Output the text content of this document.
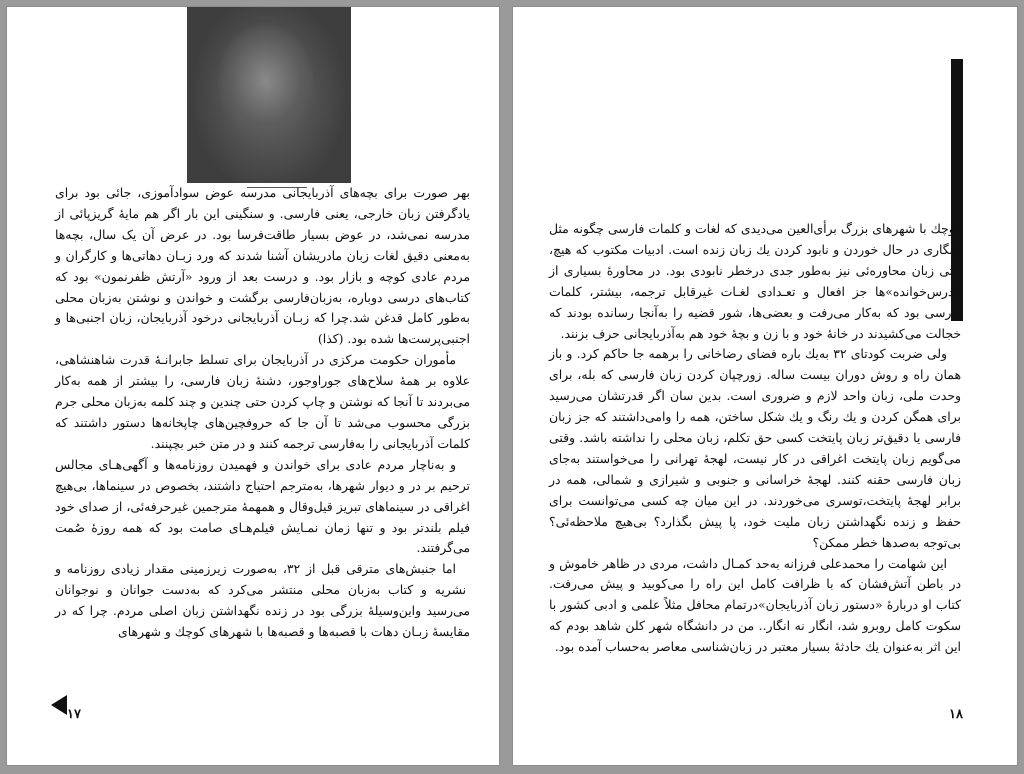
بهر صورت برای بچه‌های آذربایجانی مدرسه عوض سوادآموزی، جائی بود برای یادگرفتن زبان خارجی، یعنی فارسی. و سنگینی این بار اگر هم مایهٔ گریزپائی از مدرسه نمی‌شد، در عوض بسیار طاقت‌فرسا بود. در عرض آن یک سال، بچه‌ها به‌معنی دقیق لغات زبان مادریشان آشنا شدند که ورد زبـان دهاتی‌ها و کارگران و مردم عادی کوچه و بازار بود. و درست بعد از ورود «آرتش ظفرنمون» بود که کتاب‌های درسی دوباره، به‌زبان‌فارسی برگشت و خواندن و نوشتن به‌زبان محلی به‌طور کامل قدغن شد.چرا که زبـان آذربایجانی درخود آذربایجان، زبان اجنبی‌ها و اجنبی‌پرست‌ها شده بود. (کذا)

مأموران حکومت مرکزی در آذربایجان برای تسلط جابرانـهٔ قدرت شاهنشاهی، علاوه بر همهٔ سلاح‌های جوراوجور، دشنهٔ زبان فارسی، را بیشتر از همه به‌کار می‌بردند تا آنجا که نوشتن و چاپ کردن حتی چندین و چند کلمه به‌زبان محلی جرم بزرگی محسوب می‌شد تا آن جا که حروفچین‌های چاپخانه‌ها دستور داشتند که کلمات آذربایجانی را به‌فارسی ترجمه کنند و در متن خبر بچپنند.

و به‌ناچار مردم عادی برای خواندن و فهمیدن روزنامه‌ها و آگهی‌هـای مجالس ترحیم بر در و دیوار شهرها، به‌مترجم احتیاج داشتند، بخصوص در سینماها، بی‌هیچ اغراقی در سینماهای تبریز قیل‌وقال و همهمهٔ مترجمین غیرحرفه‌ئی، از صدای خود فیلم بلندتر بود و تنها زمان نمـایش فیلم‌هـای صامت بود که همه روزهٔ صُمت می‌گرفتند.

اما جنبش‌های مترقی قبل از ۳۲، به‌صورت زیرزمینی مقدار زیادی روزنامه و نشریه و کتاب به‌زبان محلی منتشر می‌کرد که به‌دست جوانان و نوجوانان می‌رسید واین‌وسیلهٔ بزرگی بود در زنده نگهداشتن زبان اصلی مردم. چرا که در مقایسهٔ زبـان دهات با قصبه‌ها و قصبه‌ها با شهرهای کوچك و شهرهای

۱۷

کوچك با شهرهای بزرگ برأی‌العین می‌دیدی که لغات و کلمات فارسی چگونه مثل چنگاری در حال خوردن و نابود کردن یك زبان زنده است. ادبیات مکتوب که هیچ، حتی زبان محاوره‌ئی نیز به‌طور جدی درخطر نابودی بود. در محاورهٔ بسیاری از «درس‌خوانده»ها جز افعال و تعـدادی لغـات غیرقابل ترجمه، بیشتر، کلمات فارسی بود که به‌کار می‌رفت و بعضی‌ها، شور قضیه را به‌آنجا رسانده بودند که خجالت می‌کشیدند در خانهٔ خود و با زن و بچهٔ خود هم به‌آذربایجانی حرف بزنند.

ولی ضربت کودتای ۳۲ به‌یك باره فضای رضاخانی را برهمه جا حاکم کرد. و باز همان راه و روش دوران بیست ساله. زورچپان کردن زبان فارسی که بله، برای وحدت ملی، زبان واحد لازم و ضروری است. بدین سان اگر قدرتشان می‌رسید برای همگن کردن و یك رنگ و یك شکل ساختن، همه را وامی‌داشتند که جز زبان فارسی یا دقیق‌تر زبان پایتخت کسی حق تکلم، زبان محلی را نداشته باشد. وقتی می‌گویم زبان پایتخت اغراقی در کار نیست، لهجهٔ تهرانی را می‌خواستند به‌جای زبان فارسی حقنه کنند. لهجهٔ خراسانی و جنوبی و شیرازی و شمالی، همه در برابر لهجهٔ پایتخت،توسری می‌خوردند. در این میان چه کسی می‌توانست برای حفظ و زنده نگهداشتن زبان ملیت خود، پا پیش بگذارد؟ بی‌هیچ ملاحظه‌ئی؟ بی‌توجه به‌صدها خطر ممکن؟

این شهامت را محمدعلی فرزانه به‌حد کمـال داشت، مردی در ظاهر خاموش و در باطن آتش‌فشان که با ظرافت کامل این راه را می‌کوبید و پیش می‌رفت. کتاب او دربارهٔ «دستور زبان آذربایجان»درتمام محافل مثلاً علمی و ادبی کشور با سکوت کامل روبرو شد، انگار نه انگار.. من در دانشگاه شهر کلن شاهد بودم که این اثر به‌عنوان یك حادثهٔ بسیار معتبر در زبان‌شناسی معاصر به‌حساب آمده بود.

۱۸
